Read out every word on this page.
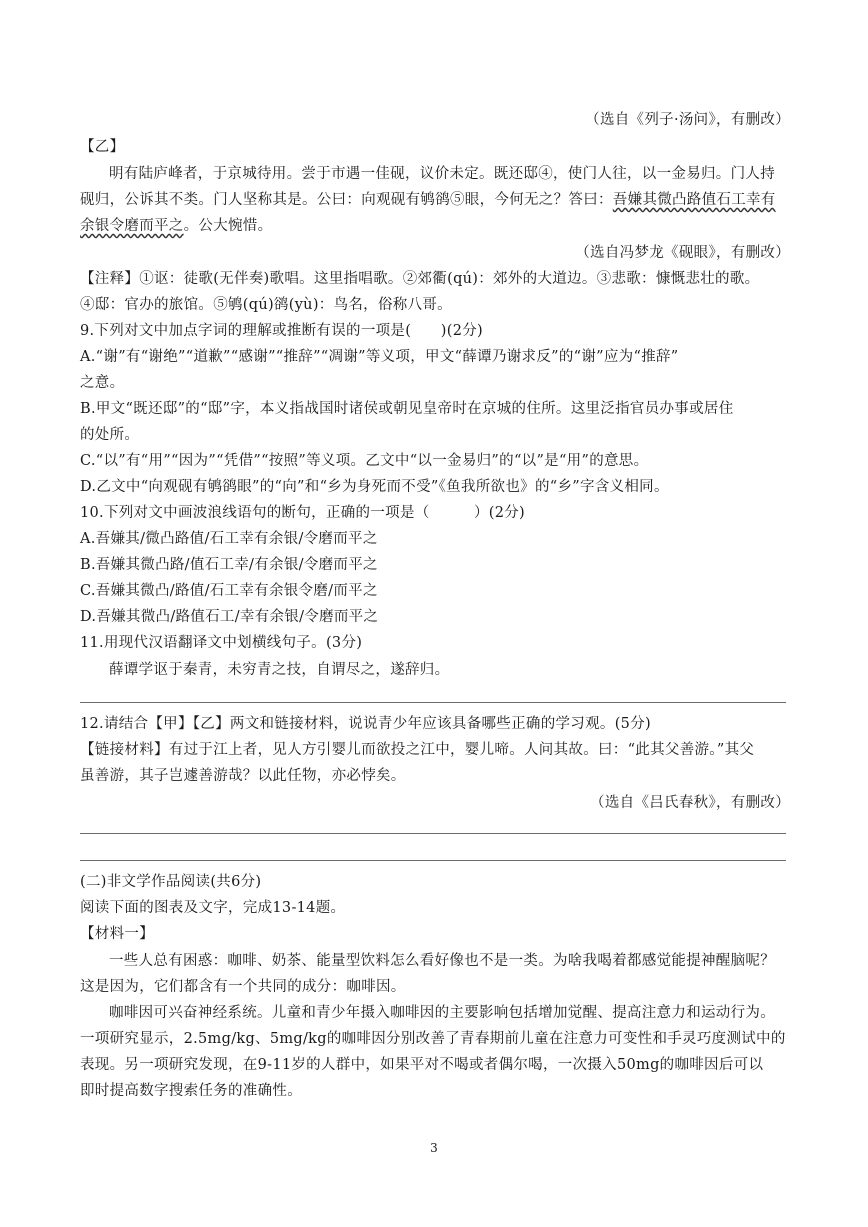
（选自《列子·汤问》，有删改）
【乙】
明有陆庐峰者，于京城待用。尝于市遇一佳砚，议价未定。既还邸④，使门人往，以一金易归。门人持
砚归，公诉其不类。门人坚称其是。公曰：向观砚有鸲鹆⑤眼，今何无之？答曰：吾嫌其微凸路值石工幸有
余银令磨而平之。公大惋惜。
（选自冯梦龙《砚眼》，有删改）
【注释】①讴：徒歌(无伴奏)歌唱。这里指唱歌。②郊衢(qú)：郊外的大道边。③悲歌：慷慨悲壮的歌。
④邸：官办的旅馆。⑤鸲(qú)鹆(yù)：鸟名，俗称八哥。
9.下列对文中加点字词的理解或推断有误的一项是(　　)(2分)
A.“谢”有“谢绝”“道歉”“感谢”“推辞”“凋谢”等义项，甲文“薛谭乃谢求反”的“谢”应为“推辞”
之意。
B.甲文“既还邸”的“邸”字，本义指战国时诸侯或朝见皇帝时在京城的住所。这里泛指官员办事或居住
的处所。
C.“以”有“用”“因为”“凭借”“按照”等义项。乙文中“以一金易归”的“以”是“用”的意思。
D.乙文中“向观砚有鸲鹆眼”的“向”和“乡为身死而不受”《鱼我所欲也》的“乡”字含义相同。
10.下列对文中画波浪线语句的断句，正确的一项是（　　　）(2分)
A.吾嫌其/微凸路值/石工幸有余银/令磨而平之
B.吾嫌其微凸路/值石工幸/有余银/令磨而平之
C.吾嫌其微凸/路值/石工幸有余银令磨/而平之
D.吾嫌其微凸/路值石工/幸有余银/令磨而平之
11.用现代汉语翻译文中划横线句子。(3分)
薛谭学讴于秦青，未穷青之技，自谓尽之，遂辞归。
12.请结合【甲】【乙】两文和链接材料，说说青少年应该具备哪些正确的学习观。(5分)
【链接材料】有过于江上者，见人方引婴儿而欲投之江中，婴儿啼。人问其故。曰：“此其父善游。”其父
虽善游，其子岂遽善游哉？以此任物，亦必悖矣。
（选自《吕氏春秋》，有删改）
(二)非文学作品阅读(共6分)
阅读下面的图表及文字，完成13-14题。
【材料一】
一些人总有困惑：咖啡、奶茶、能量型饮料怎么看好像也不是一类。为啥我喝着都感觉能提神醒脑呢？
这是因为，它们都含有一个共同的成分：咖啡因。
咖啡因可兴奋神经系统。儿童和青少年摄入咖啡因的主要影响包括增加觉醒、提高注意力和运动行为。
一项研究显示，2.5mg/kg、5mg/kg的咖啡因分别改善了青春期前儿童在注意力可变性和手灵巧度测试中的
表现。另一项研究发现，在9-11岁的人群中，如果平对不喝或者偶尔喝，一次摄入50mg的咖啡因后可以
即时提高数字搜索任务的准确性。
3
